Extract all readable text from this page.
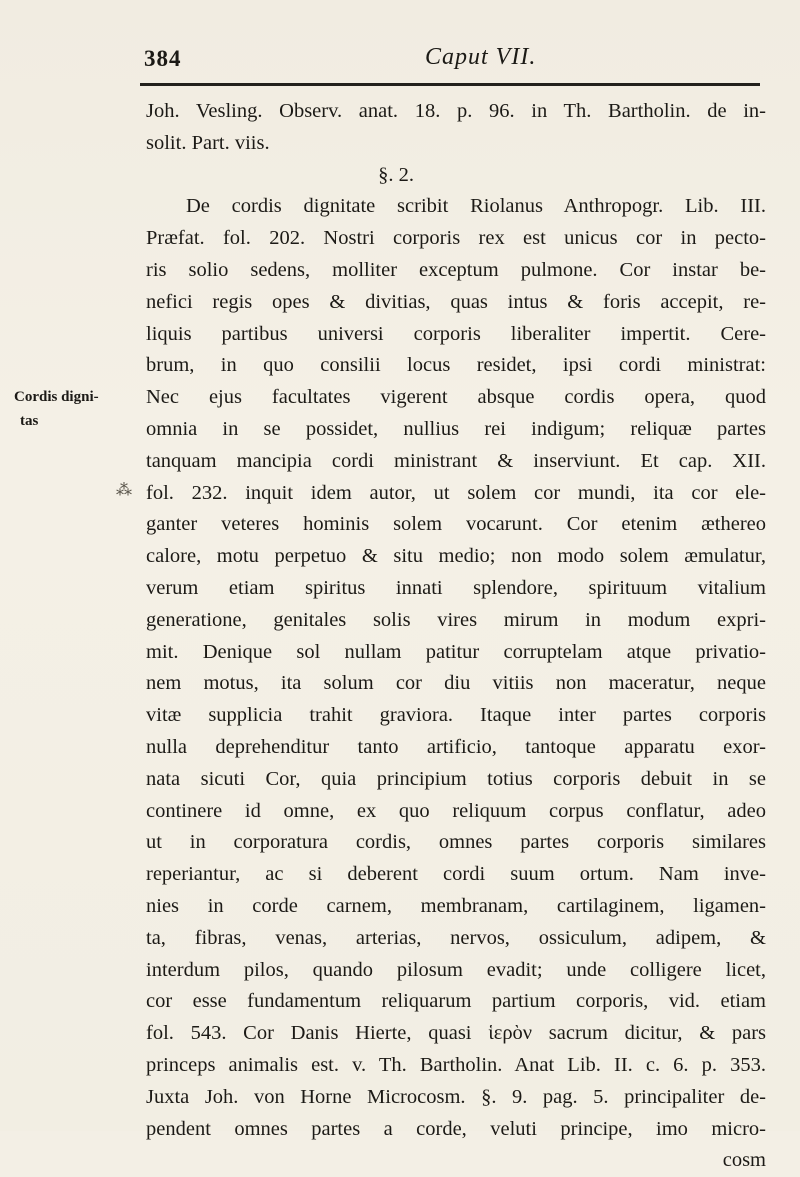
384	Caput VII.
Cordis digni-
tas
⁂
Joh. Vesling. Observ. anat. 18. p. 96. in Th. Bartholin. de in-
solit. Part. viis.
§. 2.
De cordis dignitate scribit Riolanus Anthropogr. Lib. III.
Præfat. fol. 202. Nostri corporis rex est unicus cor in pecto-
ris solio sedens, molliter exceptum pulmone. Cor instar be-
nefici regis opes & divitias, quas intus & foris accepit, re-
liquis partibus universi corporis liberaliter impertit. Cere-
brum, in quo consilii locus residet, ipsi cordi ministrat:
Nec ejus facultates vigerent absque cordis opera, quod
omnia in se possidet, nullius rei indigum; reliquæ partes
tanquam mancipia cordi ministrant & inserviunt. Et cap. XII.
fol. 232. inquit idem autor, ut solem cor mundi, ita cor ele-
ganter veteres hominis solem vocarunt. Cor etenim æthereo
calore, motu perpetuo & situ medio; non modo solem æmulatur,
verum etiam spiritus innati splendore, spirituum vitalium
generatione, genitales solis vires mirum in modum expri-
mit. Denique sol nullam patitur corruptelam atque privatio-
nem motus, ita solum cor diu vitiis non maceratur, neque
vitæ supplicia trahit graviora. Itaque inter partes corporis
nulla deprehenditur tanto artificio, tantoque apparatu exor-
nata sicuti Cor, quia principium totius corporis debuit in se
continere id omne, ex quo reliquum corpus conflatur, adeo
ut in corporatura cordis, omnes partes corporis similares
reperiantur, ac si deberent cordi suum ortum. Nam inve-
nies in corde carnem, membranam, cartilaginem, ligamen-
ta, fibras, venas, arterias, nervos, ossiculum, adipem, &
interdum pilos, quando pilosum evadit; unde colligere licet,
cor esse fundamentum reliquarum partium corporis, vid. etiam
fol. 543. Cor Danis Hierte, quasi ἱερὸν sacrum dicitur, & pars
princeps animalis est. v. Th. Bartholin. Anat Lib. II. c. 6. p. 353.
Juxta Joh. von Horne Microcosm. §. 9. pag. 5. principaliter de-
pendent omnes partes a corde, veluti principe, imo micro-
cosm
